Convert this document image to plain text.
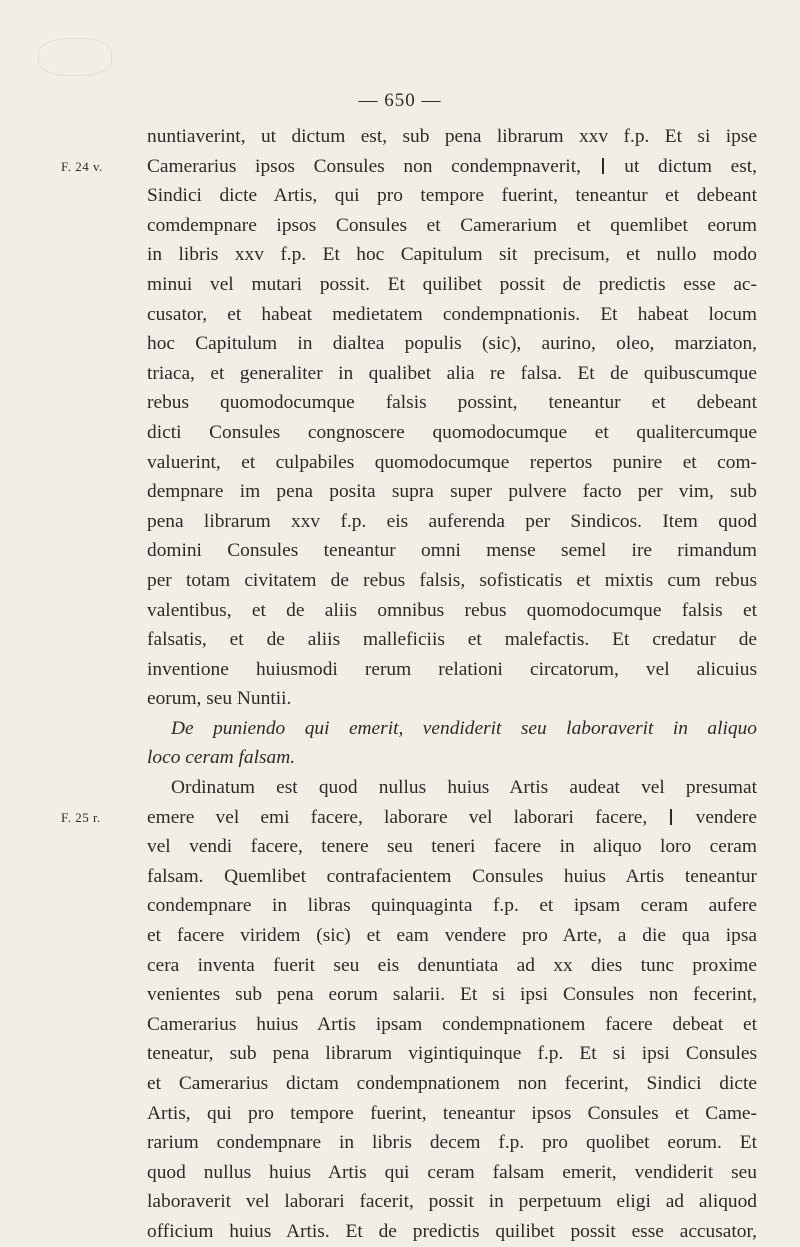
— 650 —
nuntiaverint, ut dictum est, sub pena librarum xxv f.p. Et si ipse
Camerarius ipsos Consules non condempnaverit,  ut dictum est,
F. 24 v.
Sindici dicte Artis, qui pro tempore fuerint, teneantur et debeant
comdempnare ipsos Consules et Camerarium et quemlibet eorum
in libris xxv f.p. Et hoc Capitulum sit precisum, et nullo modo
minui vel mutari possit. Et quilibet possit de predictis esse ac-
cusator, et habeat medietatem condempnationis. Et habeat locum
hoc Capitulum in dialtea populis (sic), aurino, oleo, marziaton,
triaca, et generaliter in qualibet alia re falsa. Et de quibuscumque
rebus quomodocumque falsis possint, teneantur et debeant
dicti Consules congnoscere quomodocumque et qualitercumque
valuerint, et culpabiles quomodocumque repertos punire et com-
dempnare im pena posita supra super pulvere facto per vim, sub
pena librarum xxv f.p. eis auferenda per Sindicos. Item quod
domini Consules teneantur omni mense semel ire rimandum
per totam civitatem de rebus falsis, sofisticatis et mixtis cum rebus
valentibus, et de aliis omnibus rebus quomodocumque falsis et
falsatis, et de aliis malleficiis et malefactis. Et credatur de
inventione huiusmodi rerum relationi circatorum, vel alicuius
eorum, seu Nuntii.
De puniendo qui emerit, vendiderit seu laboraverit in aliquo
loco ceram falsam.
Ordinatum est quod nullus huius Artis audeat vel presumat
emere vel emi facere, laborare vel laborari facere,  vendere
F. 25 r.
vel vendi facere, tenere seu teneri facere in aliquo loro ceram
falsam. Quemlibet contrafacientem Consules huius Artis teneantur
condempnare in libras quinquaginta f.p. et ipsam ceram aufere
et facere viridem (sic) et eam vendere pro Arte, a die qua ipsa
cera inventa fuerit seu eis denuntiata ad xx dies tunc proxime
venientes sub pena eorum salarii. Et si ipsi Consules non fecerint,
Camerarius huius Artis ipsam condempnationem facere debeat et
teneatur, sub pena librarum vigintiquinque f.p. Et si ipsi Consules
et Camerarius dictam condempnationem non fecerint, Sindici dicte
Artis, qui pro tempore fuerint, teneantur ipsos Consules et Came-
rarium condempnare in libris decem f.p. pro quolibet eorum. Et
quod nullus huius Artis qui ceram falsam emerit, vendiderit seu
laboraverit vel laborari facerit, possit in perpetuum eligi ad aliquod
officium huius Artis. Et de predictis quilibet possit esse accusator,
